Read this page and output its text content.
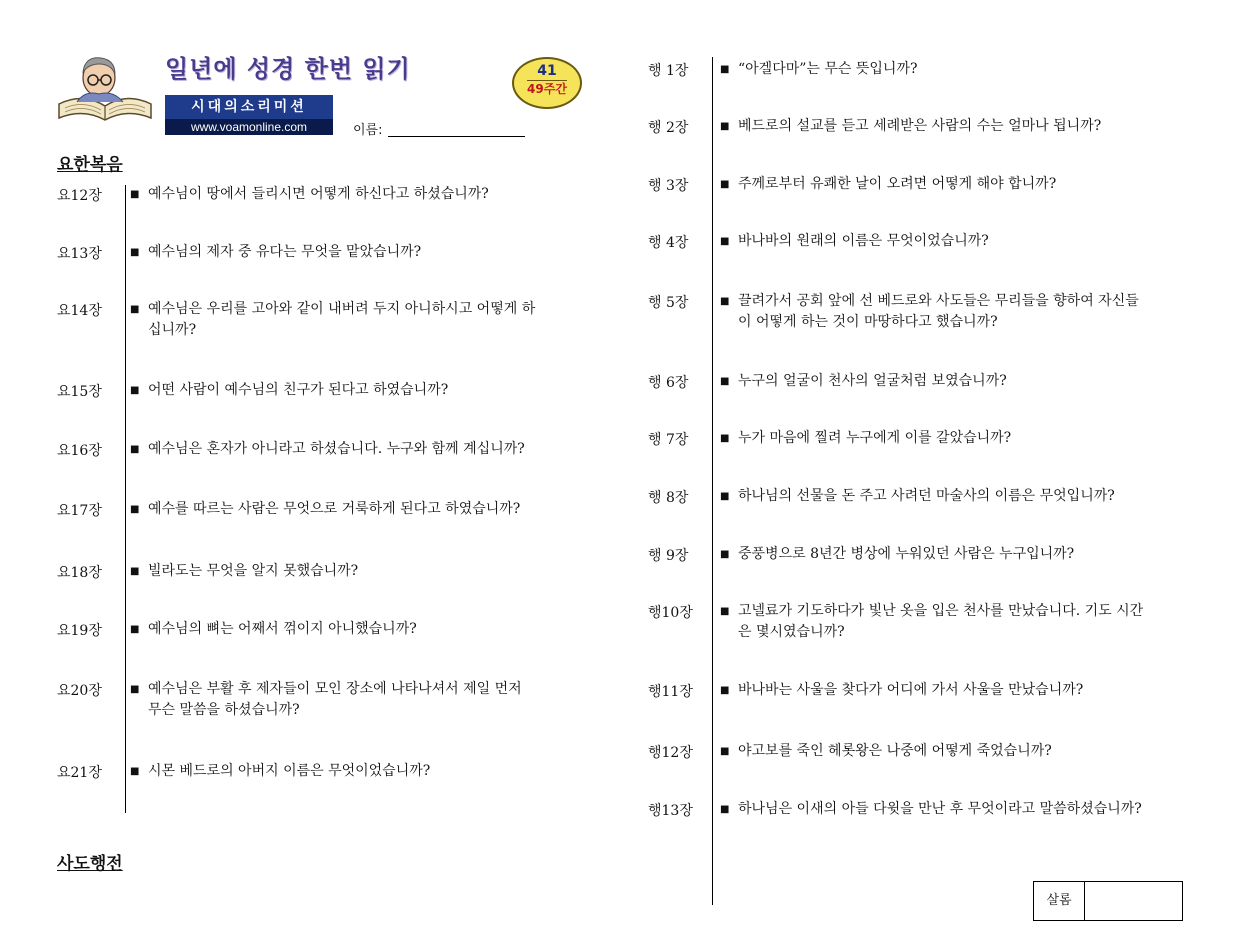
일년에 성경 한번 읽기	41
49주간
시대의소리미션
www.voamonline.com	이름:
요한복음
사도행전
요12장	■ 예수님이 땅에서 들리시면 어떻게 하신다고 하셨습니까?
요13장	■ 예수님의 제자 중 유다는 무엇을 맡았습니까?
요14장	■ 예수님은 우리를 고아와 같이 내버려 두지 아니하시고 어떻게 하
십니까?
요15장	■ 어떤 사람이 예수님의 친구가 된다고 하였습니까?
요16장	■ 예수님은 혼자가 아니라고 하셨습니다. 누구와 함께 계십니까?
요17장	■ 예수를 따르는 사람은 무엇으로 거룩하게 된다고 하였습니까?
요18장	■ 빌라도는 무엇을 알지 못했습니까?
요19장	■ 예수님의 뼈는 어째서 꺾이지 아니했습니까?
요20장	■ 예수님은 부활 후 제자들이 모인 장소에 나타나셔서 제일 먼저
무슨 말씀을 하셨습니까?
요21장	■ 시몬 베드로의 아버지 이름은 무엇이었습니까?
행 1장	■ “아겔다마”는 무슨 뜻입니까?
행 2장	■ 베드로의 설교를 듣고 세례받은 사람의 수는 얼마나 됩니까?
행 3장	■ 주께로부터 유쾌한 날이 오려면 어떻게 해야 합니까?
행 4장	■ 바나바의 원래의 이름은 무엇이었습니까?
행 5장	■ 끌려가서 공회 앞에 선 베드로와 사도들은 무리들을 향하여 자신들
이 어떻게 하는 것이 마땅하다고 했습니까?
행 6장	■ 누구의 얼굴이 천사의 얼굴처럼 보였습니까?
행 7장	■ 누가 마음에 찔려 누구에게 이를 갈았습니까?
행 8장	■ 하나님의 선물을 돈 주고 사려던 마술사의 이름은 무엇입니까?
행 9장	■ 중풍병으로 8년간 병상에 누워있던 사람은 누구입니까?
행10장	■ 고넬료가 기도하다가 빛난 옷을 입은 천사를 만났습니다. 기도 시간
은 몇시였습니까?
행11장	■ 바나바는 사울을 찾다가 어디에 가서 사울을 만났습니까?
행12장	■ 야고보를 죽인 헤롯왕은 나중에 어떻게 죽었습니까?
행13장	■ 하나님은 이새의 아들 다윗을 만난 후 무엇이라고 말씀하셨습니까?
살롬
